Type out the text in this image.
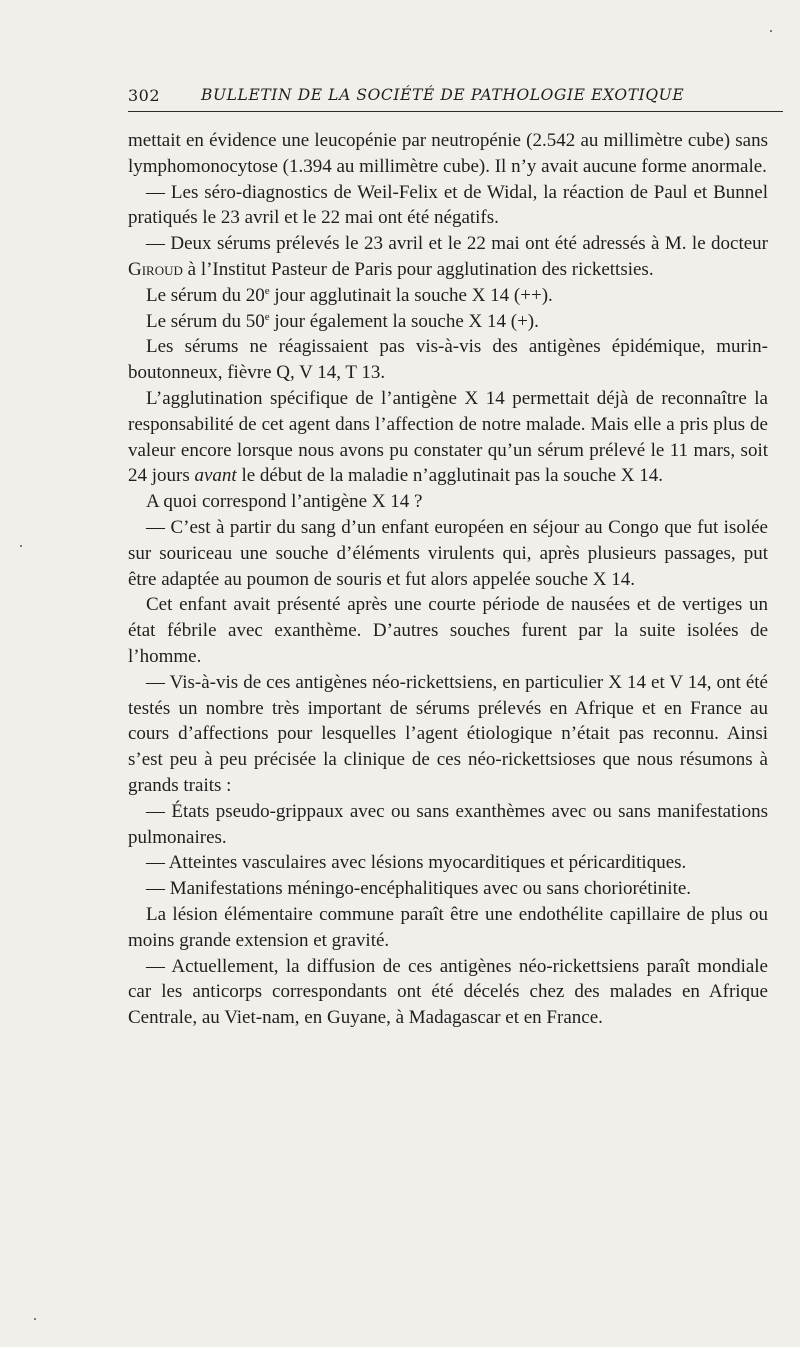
302	BULLETIN DE LA SOCIÉTÉ DE PATHOLOGIE EXOTIQUE

mettait en évidence une leucopénie par neutropénie (2.542 au millimètre cube) sans lymphomonocytose (1.394 au millimètre cube). Il n’y avait aucune forme anormale.

— Les séro-diagnostics de Weil-Felix et de Widal, la réaction de Paul et Bunnel pratiqués le 23 avril et le 22 mai ont été négatifs.

— Deux sérums prélevés le 23 avril et le 22 mai ont été adressés à M. le docteur Giroud à l’Institut Pasteur de Paris pour agglutination des rickettsies.

Le sérum du 20e jour agglutinait la souche X 14 (++).

Le sérum du 50e jour également la souche X 14 (+).

Les sérums ne réagissaient pas vis-à-vis des antigènes épidémique, murin-boutonneux, fièvre Q, V 14, T 13.

L’agglutination spécifique de l’antigène X 14 permettait déjà de reconnaître la responsabilité de cet agent dans l’affection de notre malade. Mais elle a pris plus de valeur encore lorsque nous avons pu constater qu’un sérum prélevé le 11 mars, soit 24 jours avant le début de la maladie n’agglutinait pas la souche X 14.

A quoi correspond l’antigène X 14 ?

— C’est à partir du sang d’un enfant européen en séjour au Congo que fut isolée sur souriceau une souche d’éléments virulents qui, après plusieurs passages, put être adaptée au poumon de souris et fut alors appelée souche X 14.

Cet enfant avait présenté après une courte période de nausées et de vertiges un état fébrile avec exanthème. D’autres souches furent par la suite isolées de l’homme.

— Vis-à-vis de ces antigènes néo-rickettsiens, en particulier X 14 et V 14, ont été testés un nombre très important de sérums prélevés en Afrique et en France au cours d’affections pour lesquelles l’agent étiologique n’était pas reconnu. Ainsi s’est peu à peu précisée la clinique de ces néo-rickettsioses que nous résumons à grands traits :

— États pseudo-grippaux avec ou sans exanthèmes avec ou sans manifestations pulmonaires.

— Atteintes vasculaires avec lésions myocarditiques et péricarditiques.

— Manifestations méningo-encéphalitiques avec ou sans choriorétinite.

La lésion élémentaire commune paraît être une endothélite capillaire de plus ou moins grande extension et gravité.

— Actuellement, la diffusion de ces antigènes néo-rickettsiens paraît mondiale car les anticorps correspondants ont été décelés chez des malades en Afrique Centrale, au Viet-nam, en Guyane, à Madagascar et en France.
